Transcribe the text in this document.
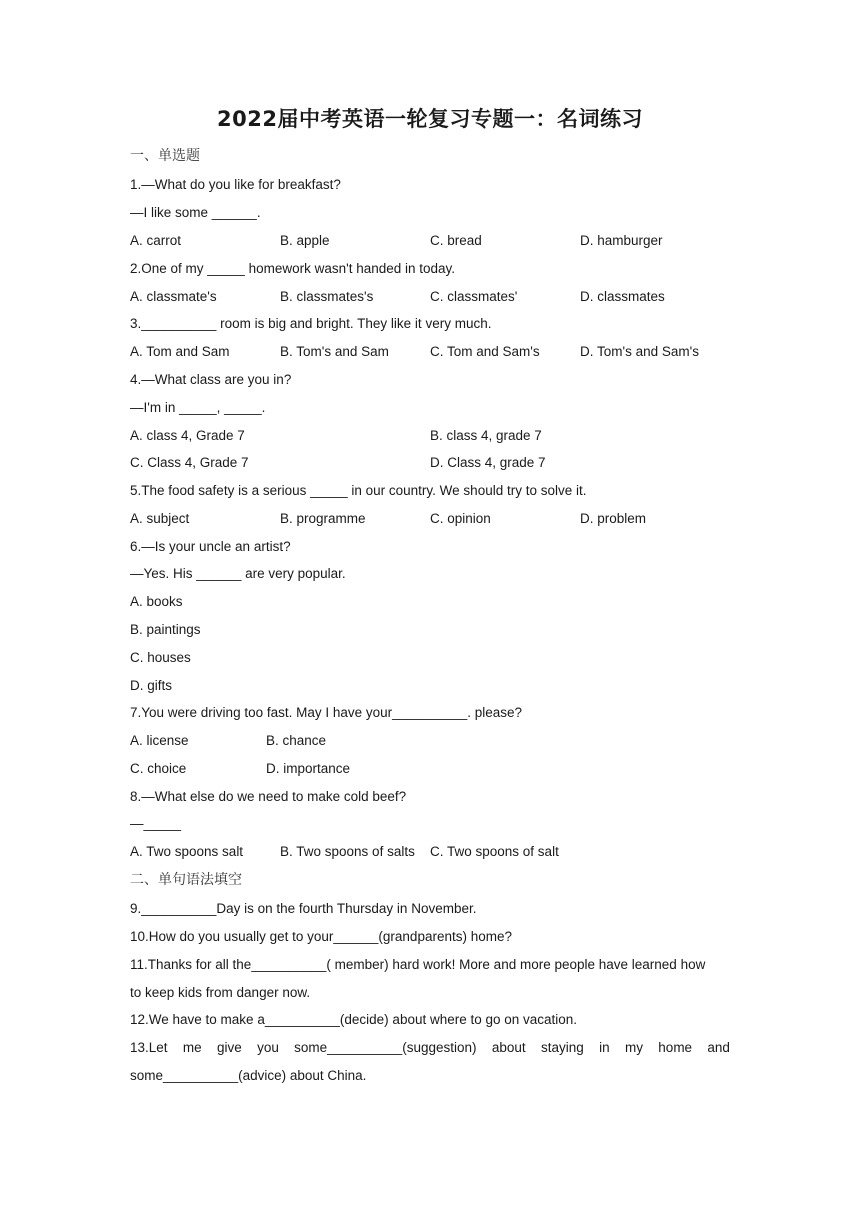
2022届中考英语一轮复习专题一：名词练习
一、单选题
1.—What do you like for breakfast?
—I like some ______.
A. carrot	B. apple	C. bread	D. hamburger
2.One of my _____ homework wasn't handed in today.
A. classmate's	B. classmates's	C. classmates'	D. classmates
3.__________ room is big and bright. They like it very much.
A. Tom and Sam	B. Tom's and Sam	C. Tom and Sam's	D. Tom's and Sam's
4.—What class are you in?
—I'm in _____, _____.
A. class 4, Grade 7	B. class 4, grade 7
C. Class 4, Grade 7	D. Class 4, grade 7
5.The food safety is a serious _____ in our country. We should try to solve it.
A. subject	B. programme	C. opinion	D. problem
6.—Is your uncle an artist?
—Yes. His ______ are very popular.
A. books
B. paintings
C. houses
D. gifts
7.You were driving too fast. May I have your__________. please?
A. license	B. chance
C. choice	D. importance
8.—What else do we need to make cold beef?
—_____
A. Two spoons salt	B. Two spoons of salts C. Two spoons of salt
二、单句语法填空
9.__________Day is on the fourth Thursday in November.
10.How do you usually get to your______(grandparents) home?
11.Thanks for all the__________( member) hard work! More and more people have learned how
to keep kids from danger now.
12.We have to make a__________(decide) about where to go on vacation.
13.Let me give you some__________(suggestion) about staying in my home and
some__________(advice) about China.
